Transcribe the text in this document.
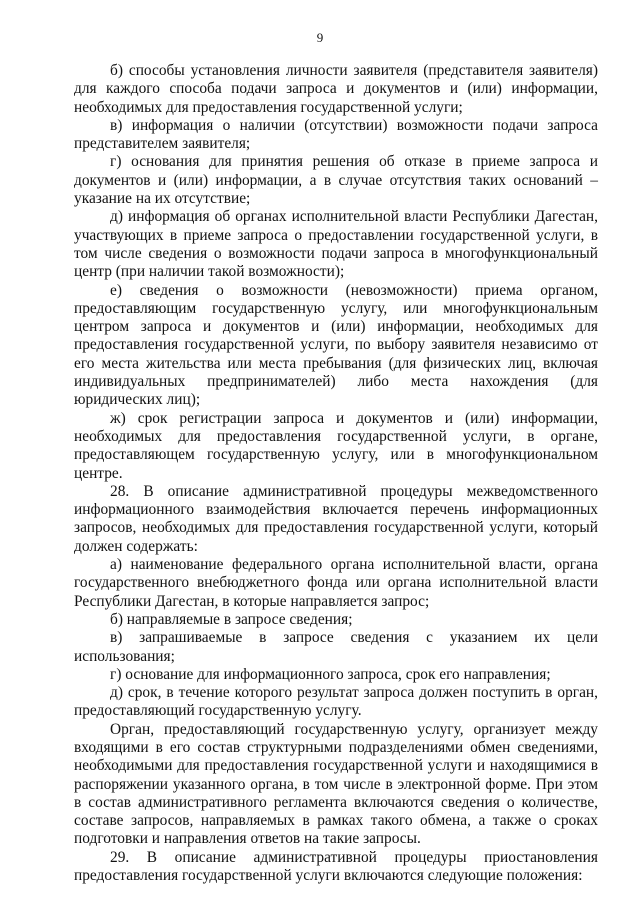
9

б) способы установления личности заявителя (представителя заявителя) для каждого способа подачи запроса и документов и (или) информации, необходимых для предоставления государственной услуги;

в) информация о наличии (отсутствии) возможности подачи запроса представителем заявителя;

г) основания для принятия решения об отказе в приеме запроса и документов и (или) информации, а в случае отсутствия таких оснований – указание на их отсутствие;

д) информация об органах исполнительной власти Республики Дагестан, участвующих в приеме запроса о предоставлении государственной услуги, в том числе сведения о возможности подачи запроса в многофункциональный центр (при наличии такой возможности);

е) сведения о возможности (невозможности) приема органом, предоставляющим государственную услугу, или многофункциональным центром запроса и документов и (или) информации, необходимых для предоставления государственной услуги, по выбору заявителя независимо от его места жительства или места пребывания (для физических лиц, включая индивидуальных предпринимателей) либо места нахождения (для юридических лиц);

ж) срок регистрации запроса и документов и (или) информации, необходимых для предоставления государственной услуги, в органе, предоставляющем государственную услугу, или в многофункциональном центре.

28. В описание административной процедуры межведомственного информационного взаимодействия включается перечень информационных запросов, необходимых для предоставления государственной услуги, который должен содержать:

а) наименование федерального органа исполнительной власти, органа государственного внебюджетного фонда или органа исполнительной власти Республики Дагестан, в которые направляется запрос;

б) направляемые в запросе сведения;

в) запрашиваемые в запросе сведения с указанием их цели использования;

г) основание для информационного запроса, срок его направления;

д) срок, в течение которого результат запроса должен поступить в орган, предоставляющий государственную услугу.

Орган, предоставляющий государственную услугу, организует между входящими в его состав структурными подразделениями обмен сведениями, необходимыми для предоставления государственной услуги и находящимися в распоряжении указанного органа, в том числе в электронной форме. При этом в состав административного регламента включаются сведения о количестве, составе запросов, направляемых в рамках такого обмена, а также о сроках подготовки и направления ответов на такие запросы.

29. В описание административной процедуры приостановления предоставления государственной услуги включаются следующие положения:
